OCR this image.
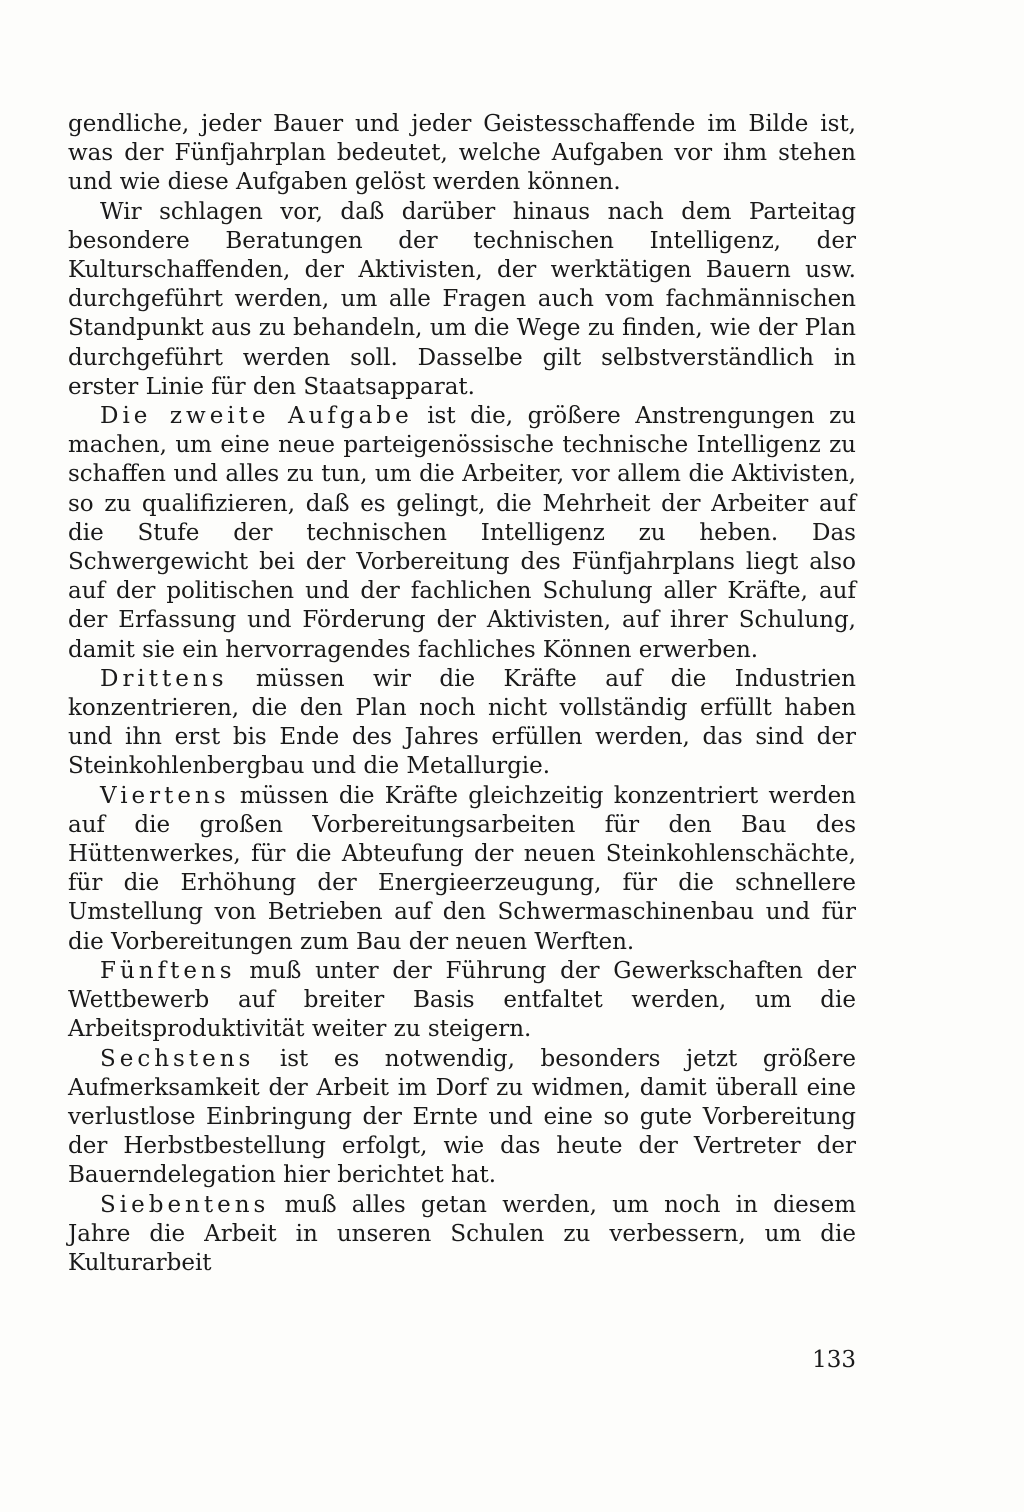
gendliche, jeder Bauer und jeder Geistesschaffende im Bilde ist, was der Fünfjahrplan bedeutet, welche Aufgaben vor ihm stehen und wie diese Aufgaben gelöst werden können.

Wir schlagen vor, daß darüber hinaus nach dem Parteitag besondere Beratungen der technischen Intelligenz, der Kulturschaffenden, der Aktivisten, der werktätigen Bauern usw. durchgeführt werden, um alle Fragen auch vom fachmännischen Standpunkt aus zu behandeln, um die Wege zu finden, wie der Plan durchgeführt werden soll. Dasselbe gilt selbstverständlich in erster Linie für den Staatsapparat.

Die zweite Aufgabe ist die, größere Anstrengungen zu machen, um eine neue parteigenössische technische Intelligenz zu schaffen und alles zu tun, um die Arbeiter, vor allem die Aktivisten, so zu qualifizieren, daß es gelingt, die Mehrheit der Arbeiter auf die Stufe der technischen Intelligenz zu heben. Das Schwergewicht bei der Vorbereitung des Fünfjahrplans liegt also auf der politischen und der fachlichen Schulung aller Kräfte, auf der Erfassung und Förderung der Aktivisten, auf ihrer Schulung, damit sie ein hervorragendes fachliches Können erwerben.

Drittens müssen wir die Kräfte auf die Industrien konzentrieren, die den Plan noch nicht vollständig erfüllt haben und ihn erst bis Ende des Jahres erfüllen werden, das sind der Steinkohlenbergbau und die Metallurgie.

Viertens müssen die Kräfte gleichzeitig konzentriert werden auf die großen Vorbereitungsarbeiten für den Bau des Hüttenwerkes, für die Abteufung der neuen Steinkohlenschächte, für die Erhöhung der Energieerzeugung, für die schnellere Umstellung von Betrieben auf den Schwermaschinenbau und für die Vorbereitungen zum Bau der neuen Werften.

Fünftens muß unter der Führung der Gewerkschaften der Wettbewerb auf breiter Basis entfaltet werden, um die Arbeitsproduktivität weiter zu steigern.

Sechstens ist es notwendig, besonders jetzt größere Aufmerksamkeit der Arbeit im Dorf zu widmen, damit überall eine verlustlose Einbringung der Ernte und eine so gute Vorbereitung der Herbstbestellung erfolgt, wie das heute der Vertreter der Bauerndelegation hier berichtet hat.

Siebentens muß alles getan werden, um noch in diesem Jahre die Arbeit in unseren Schulen zu verbessern, um die Kulturarbeit

133
